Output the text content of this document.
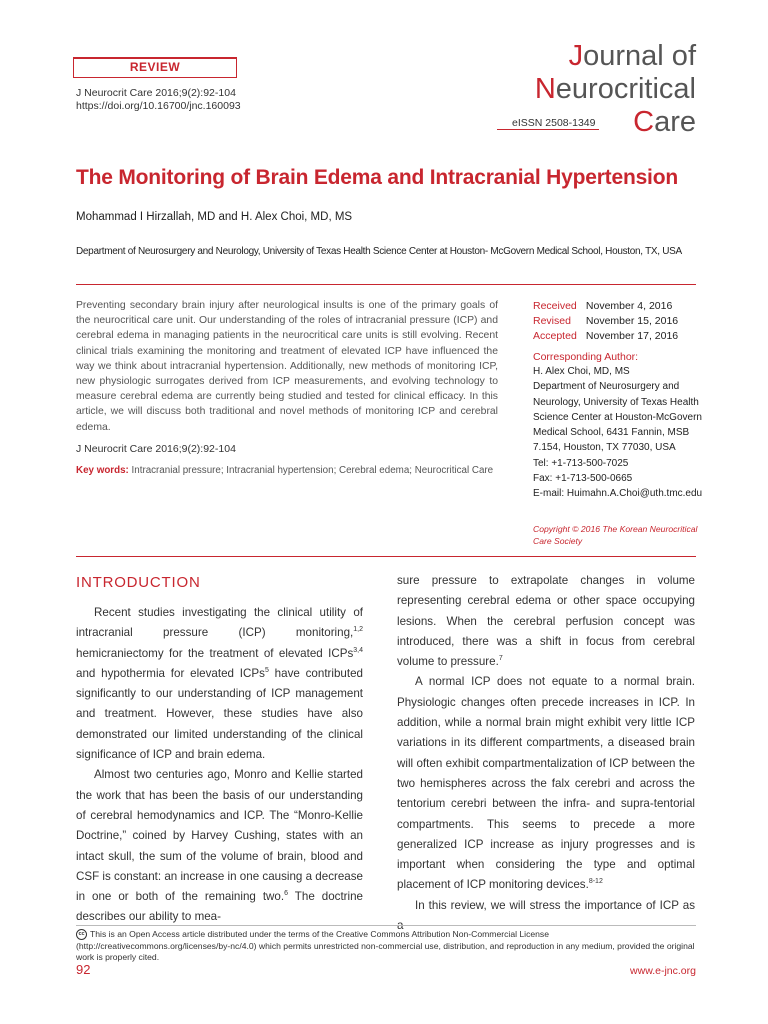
REVIEW
J Neurocrit Care 2016;9(2):92-104
https://doi.org/10.16700/jnc.160093
Journal of
Neurocritical
Care
eISSN 2508-1349
The Monitoring of Brain Edema and Intracranial Hypertension
Mohammad I Hirzallah, MD and H. Alex Choi, MD, MS
Department of Neurosurgery and Neurology, University of Texas Health Science Center at Houston- McGovern Medical School, Houston, TX, USA
Preventing secondary brain injury after neurological insults is one of the primary goals of the neurocritical care unit. Our understanding of the roles of intracranial pressure (ICP) and cerebral edema in managing patients in the neurocritical care units is still evolving. Recent clinical trials examining the monitoring and treatment of elevated ICP have influenced the way we think about intracranial hypertension. Additionally, new methods of monitoring ICP, new physiologic surrogates derived from ICP measurements, and evolving technology to measure cerebral edema are currently being studied and tested for clinical efficacy. In this article, we will discuss both traditional and novel methods of monitoring ICP and cerebral edema.
J Neurocrit Care 2016;9(2):92-104
Key words: Intracranial pressure; Intracranial hypertension; Cerebral edema; Neurocritical Care
Received November 4, 2016
Revised November 15, 2016
Accepted November 17, 2016
Corresponding Author:
H. Alex Choi, MD, MS
Department of Neurosurgery and
Neurology, University of Texas Health
Science Center at Houston-McGovern
Medical School, 6431 Fannin, MSB
7.154, Houston, TX 77030, USA
Tel: +1-713-500-7025
Fax: +1-713-500-0665
E-mail: Huimahn.A.Choi@uth.tmc.edu
Copyright © 2016 The Korean Neurocritical
Care Society
INTRODUCTION

Recent studies investigating the clinical utility of intracranial pressure (ICP) monitoring,$^{1,2}$ hemicraniectomy for the treatment of elevated ICPs$^{3,4}$ and hypothermia for elevated ICPs$^5$ have contributed significantly to our understanding of ICP management and treatment. However, these studies have also demonstrated our limited understanding of the clinical significance of ICP and brain edema.

Almost two centuries ago, Monro and Kellie started the work that has been the basis of our understanding of cerebral hemodynamics and ICP. The “Monro-Kellie Doctrine,” coined by Harvey Cushing, states with an intact skull, the sum of the volume of brain, blood and CSF is constant: an increase in one causing a decrease in one or both of the remaining two.$^6$ The doctrine describes our ability to mea-

sure pressure to extrapolate changes in volume representing cerebral edema or other space occupying lesions. When the cerebral perfusion concept was introduced, there was a shift in focus from cerebral volume to pressure.$^7$

A normal ICP does not equate to a normal brain. Physiologic changes often precede increases in ICP. In addition, while a normal brain might exhibit very little ICP variations in its different compartments, a diseased brain will often exhibit compartmentalization of ICP between the two hemispheres across the falx cerebri and across the tentorium cerebri between the infra- and supra-tentorial compartments. This seems to precede a more generalized ICP increase as injury progresses and is important when considering the type and optimal placement of ICP monitoring devices.$^{8-12}$

In this review, we will stress the importance of ICP as

cc This is an Open Access article distributed under the terms of the Creative Commons Attribution Non-Commercial License (http://creativecommons.org/licenses/by-nc/4.0) which permits unrestricted non-commercial use, distribution, and reproduction in any medium, provided the original work is properly cited.
92	www.e-jnc.org
